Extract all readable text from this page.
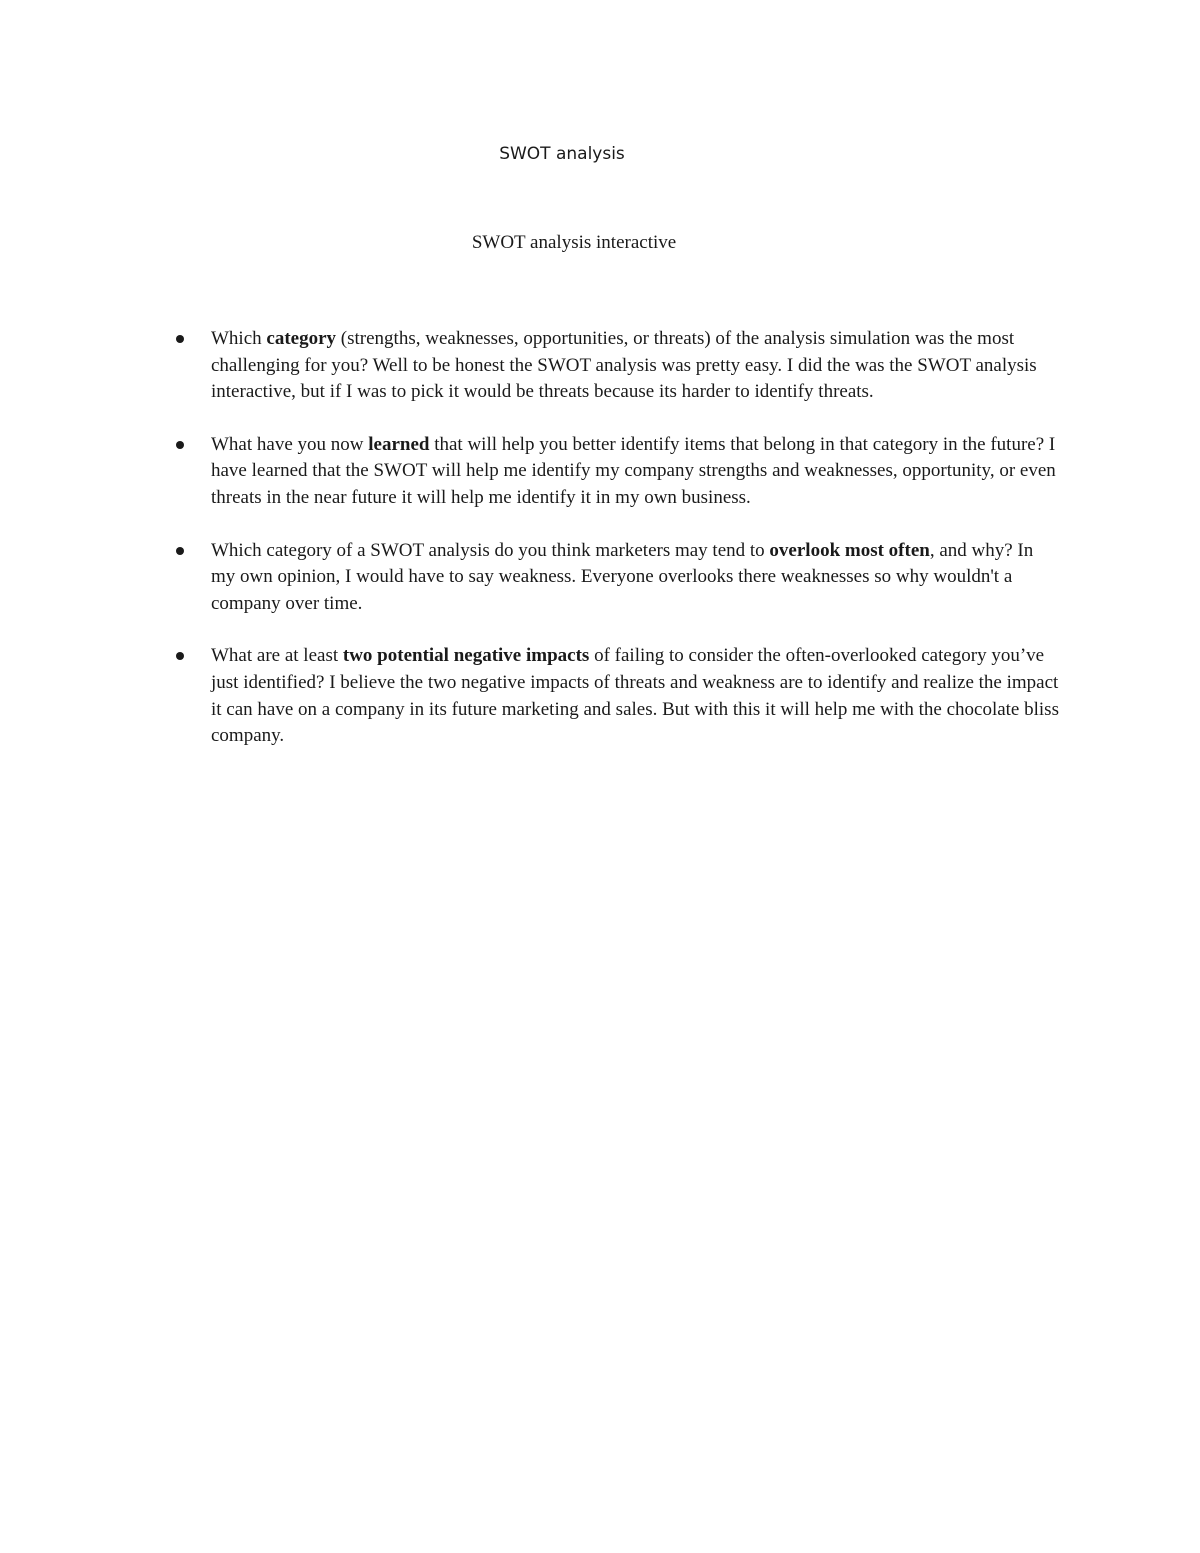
SWOT analysis
SWOT analysis interactive
Which category (strengths, weaknesses, opportunities, or threats) of the analysis simulation was the most challenging for you? Well to be honest the SWOT analysis was pretty easy. I did the was the SWOT analysis interactive, but if I was to pick it would be threats because its harder to identify threats.
What have you now learned that will help you better identify items that belong in that category in the future? I have learned that the SWOT will help me identify my company strengths and weaknesses, opportunity, or even threats in the near future it will help me identify it in my own business.
Which category of a SWOT analysis do you think marketers may tend to overlook most often, and why? In my own opinion, I would have to say weakness. Everyone overlooks there weaknesses so why wouldn't a company over time.
What are at least two potential negative impacts of failing to consider the often-overlooked category you’ve just identified? I believe the two negative impacts of threats and weakness are to identify and realize the impact it can have on a company in its future marketing and sales. But with this it will help me with the chocolate bliss company.
